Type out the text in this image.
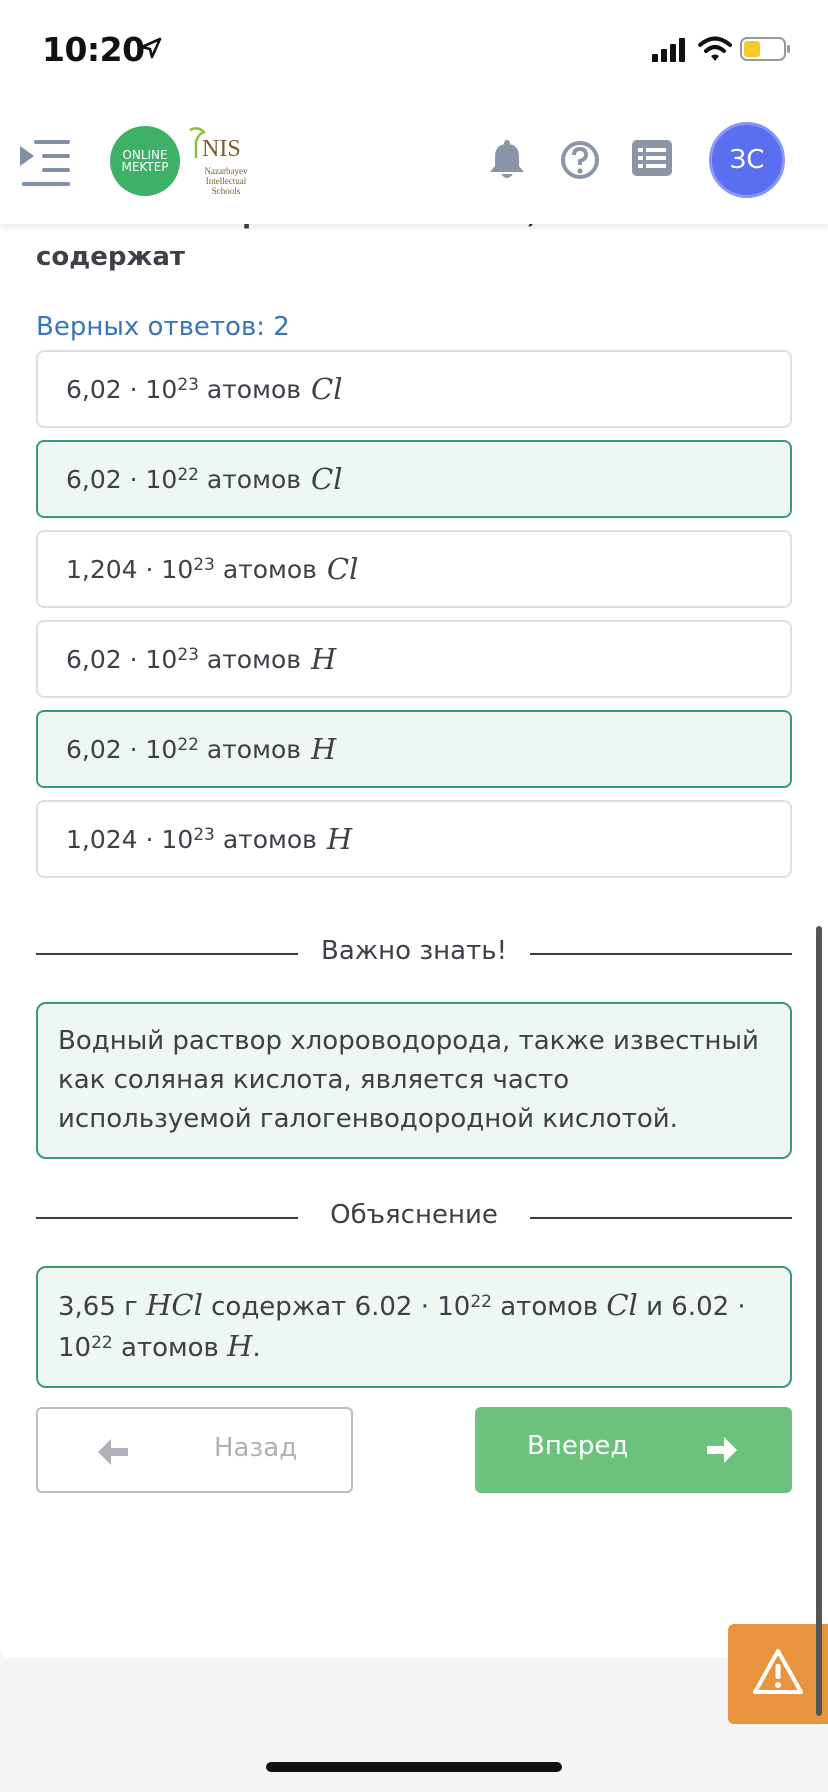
10:20
содержат
Верных ответов: 2
$6,02 \cdot 10^{23}$
атомов Cl
$6,02 \cdot 10^{22}$
атомов Cl
$1,204 \cdot 10^{23}$
атомов Cl
$6,02 \cdot 10^{23}$
атомов H
$6,02 \cdot 10^{22}$
атомов H
$1,024 \cdot 10^{23}$
атомов H
Важно знать!
Водный раствор хлороводорода, также известный как соляная кислота, является часто используемой галогенводородной кислотой.
Объяснение
3,65 г HCl содержат $6.02 \cdot 10^{22}$ атомов Cl и $6.02 \cdot 10^{22}$ атомов H.
ONLINE
MEKTEP
NIS
Nazarbayev
Intellectual
Schools
ЗС
Назад	Вперед
